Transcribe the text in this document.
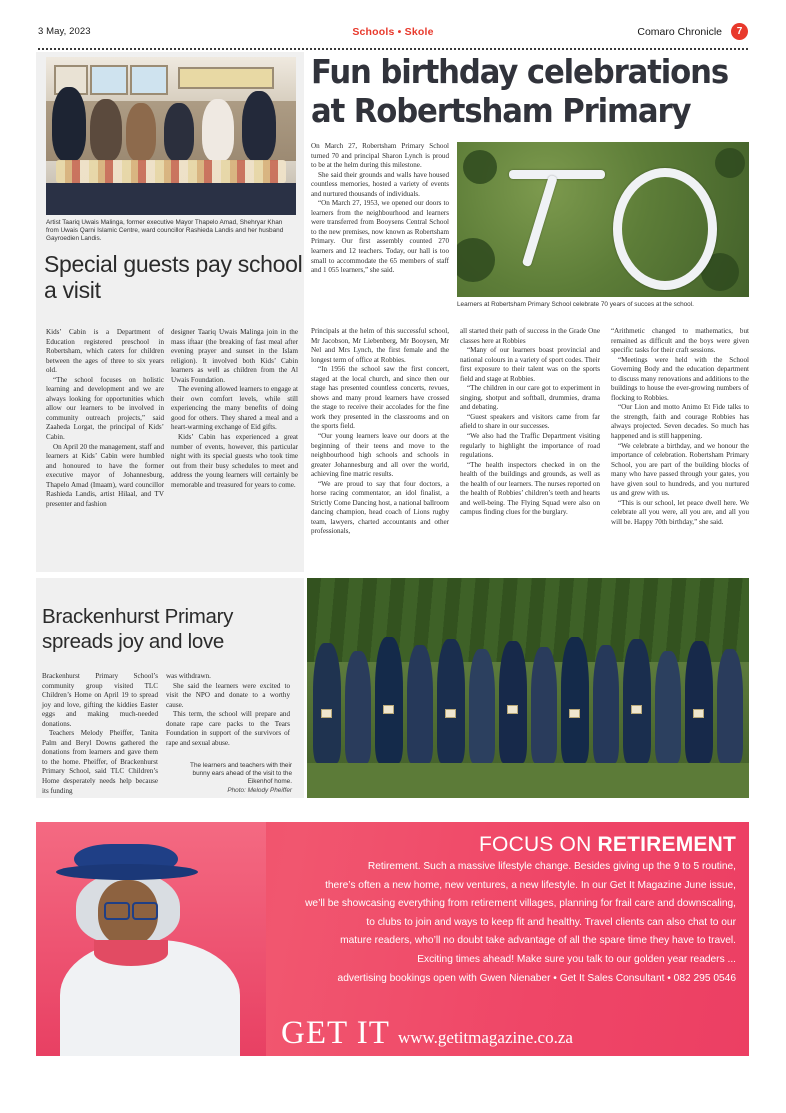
3 May, 2023	Schools • Skole	Comaro Chronicle	7
Artist Taariq Uwais Malinga, former executive Mayor Thapelo Amad, Shehryar Khan from Uwais Qarni Islamic Centre, ward councillor Rashieda Landis and her husband Gayroedien Landis.
Special guests pay school a visit

Kids’ Cabin is a Department of Education registered preschool in Robertsham, which caters for children between the ages of three to six years old.

“The school focuses on holistic learning and development and we are always looking for opportunities which allow our learners to be involved in community outreach projects,” said Zaaheda Lorgat, the principal of Kids’ Cabin.

On April 20 the management, staff and learners at Kids’ Cabin were humbled and honoured to have the former executive mayor of Johannesburg, Thapelo Amad (Imaam), ward councillor Rashieda Landis, artist Hilaal, and TV presenter and fashion

designer Taariq Uwais Malinga join in the mass iftaar (the breaking of fast meal after evening prayer and sunset in the Islam religion). It involved both Kids’ Cabin learners as well as children from the Al Uwais Foundation.

The evening allowed learners to engage at their own comfort levels, while still experiencing the many benefits of doing good for others. They shared a meal and a heart-warming exchange of Eid gifts.

Kids’ Cabin has experienced a great number of events, however, this particular night with its special guests who took time out from their busy schedules to meet and address the young learners will certainly be memorable and treasured for years to come.

Fun birthday celebrations at Robertsham Primary

On March 27, Robertsham Primary School turned 70 and principal Sharon Lynch is proud to be at the helm during this milestone.

She said their grounds and walls have housed countless memories, hosted a variety of events and nurtured thousands of individuals.

“On March 27, 1953, we opened our doors to learners from the neighbourhood and learners were transferred from Booysens Central School to the new premises, now known as Robertsham Primary. Our first assembly counted 270 learners and 12 teachers. Today, our hall is too small to accommodate the 65 members of staff and 1 055 learners,” she said.

Learners at Robertsham Primary School celebrate 70 years of succes at the school.

Principals at the helm of this successful school, Mr Jacobson, Mr Liebenberg, Mr Booysen, Mr Nel and Mrs Lynch, the first female and the longest term of office at Robbies.

“In 1956 the school saw the first concert, staged at the local church, and since then our stage has presented countless concerts, revues, shows and many proud learners have crossed the stage to receive their accolades for the fine work they presented in the classrooms and on the sports field.

“Our young learners leave our doors at the beginning of their teens and move to the neighbourhood high schools and schools in greater Johannesburg and all over the world, achieving fine matric results.

“We are proud to say that four doctors, a horse racing commentator, an idol finalist, a Strictly Come Dancing host, a national ballroom dancing champion, head coach of Lions rugby team, lawyers, charted accountants and other professionals,

all started their path of success in the Grade One classes here at Robbies

“Many of our learners boast provincial and national colours in a variety of sport codes. Their first exposure to their talent was on the sports field and stage at Robbies.

“The children in our care got to experiment in singing, shotput and softball, drummies, drama and debating.

“Guest speakers and visitors came from far afield to share in our successes.

“We also had the Traffic Department visiting regularly to highlight the importance of road regulations.

“The health inspectors checked in on the health of the buildings and grounds, as well as the health of our learners. The nurses reported on the health of Robbies’ children’s teeth and hearts and well-being. The Flying Squad were also on campus finding clues for the burglary.

“Arithmetic changed to mathematics, but remained as difficult and the boys were given specific tasks for their craft sessions.

“Meetings were held with the School Governing Body and the education department to discuss many renovations and additions to the buildings to house the ever-growing numbers of flocking to Robbies.

“Our Lion and motto Animo Et Fide talks to the strength, faith and courage Robbies has always projected. Seven decades. So much has happened and is still happening.

“We celebrate a birthday, and we honour the importance of celebration. Robertsham Primary School, you are part of the building blocks of many who have passed through your gates, you have given soul to hundreds, and you nurtured us and grew with us.

“This is our school, let peace dwell here. We celebrate all you were, all you are, and all you will be. Happy 70th birthday,” she said.

Brackenhurst Primary spreads joy and love

Brackenhurst Primary School’s community group visited TLC Children’s Home on April 19 to spread joy and love, gifting the kiddies Easter eggs and making much-needed donations.

Teachers Melody Pheiffer, Tanita Palm and Beryl Downs gathered the donations from learners and gave them to the home. Pheiffer, of Brackenhurst Primary School, said TLC Children’s Home desperately needs help because its funding

was withdrawn.

She said the learners were excited to visit the NPO and donate to a worthy cause.

This term, the school will prepare and donate rape care packs to the Tears Foundation in support of the survivors of rape and sexual abuse.

The learners and teachers with their bunny ears ahead of the visit to the Eikenhof home.
Photo: Melody Pheiffer
FOCUS ON RETIREMENT
Retirement. Such a massive lifestyle change. Besides giving up the 9 to 5 routine,
there’s often a new home, new ventures, a new lifestyle. In our Get It Magazine June issue,
we’ll be showcasing everything from retirement villages, planning for frail care and downscaling,
to clubs to join and ways to keep fit and healthy. Travel clients can also chat to our
mature readers, who’ll no doubt take advantage of all the spare time they have to travel.
Exciting times ahead! Make sure you talk to our golden year readers ...
advertising bookings open with Gwen Nienaber • Get It Sales Consultant • 082 295 0546
GET IT www.getitmagazine.co.za
